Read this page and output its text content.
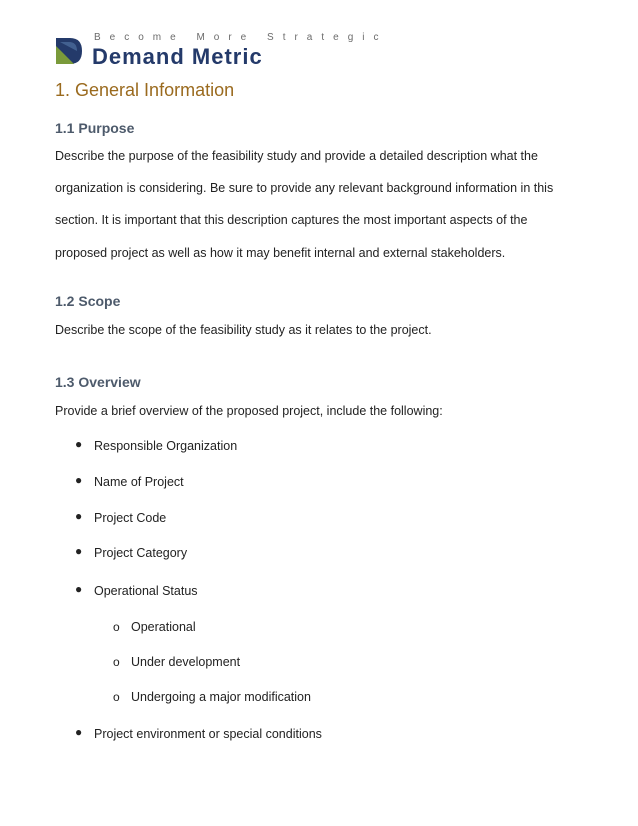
Become More Strategic
Demand Metric
1. General Information
1.1 Purpose
Describe the purpose of the feasibility study and provide a detailed description what the
organization is considering. Be sure to provide any relevant background information in this
section. It is important that this description captures the most important aspects of the
proposed project as well as how it may benefit internal and external stakeholders.
1.2 Scope
Describe the scope of the feasibility study as it relates to the project.
1.3 Overview
Provide a brief overview of the proposed project, include the following:
● Responsible Organization
● Name of Project
● Project Code
● Project Category
● Operational Status
o Operational
o Under development
o Undergoing a major modification
● Project environment or special conditions
